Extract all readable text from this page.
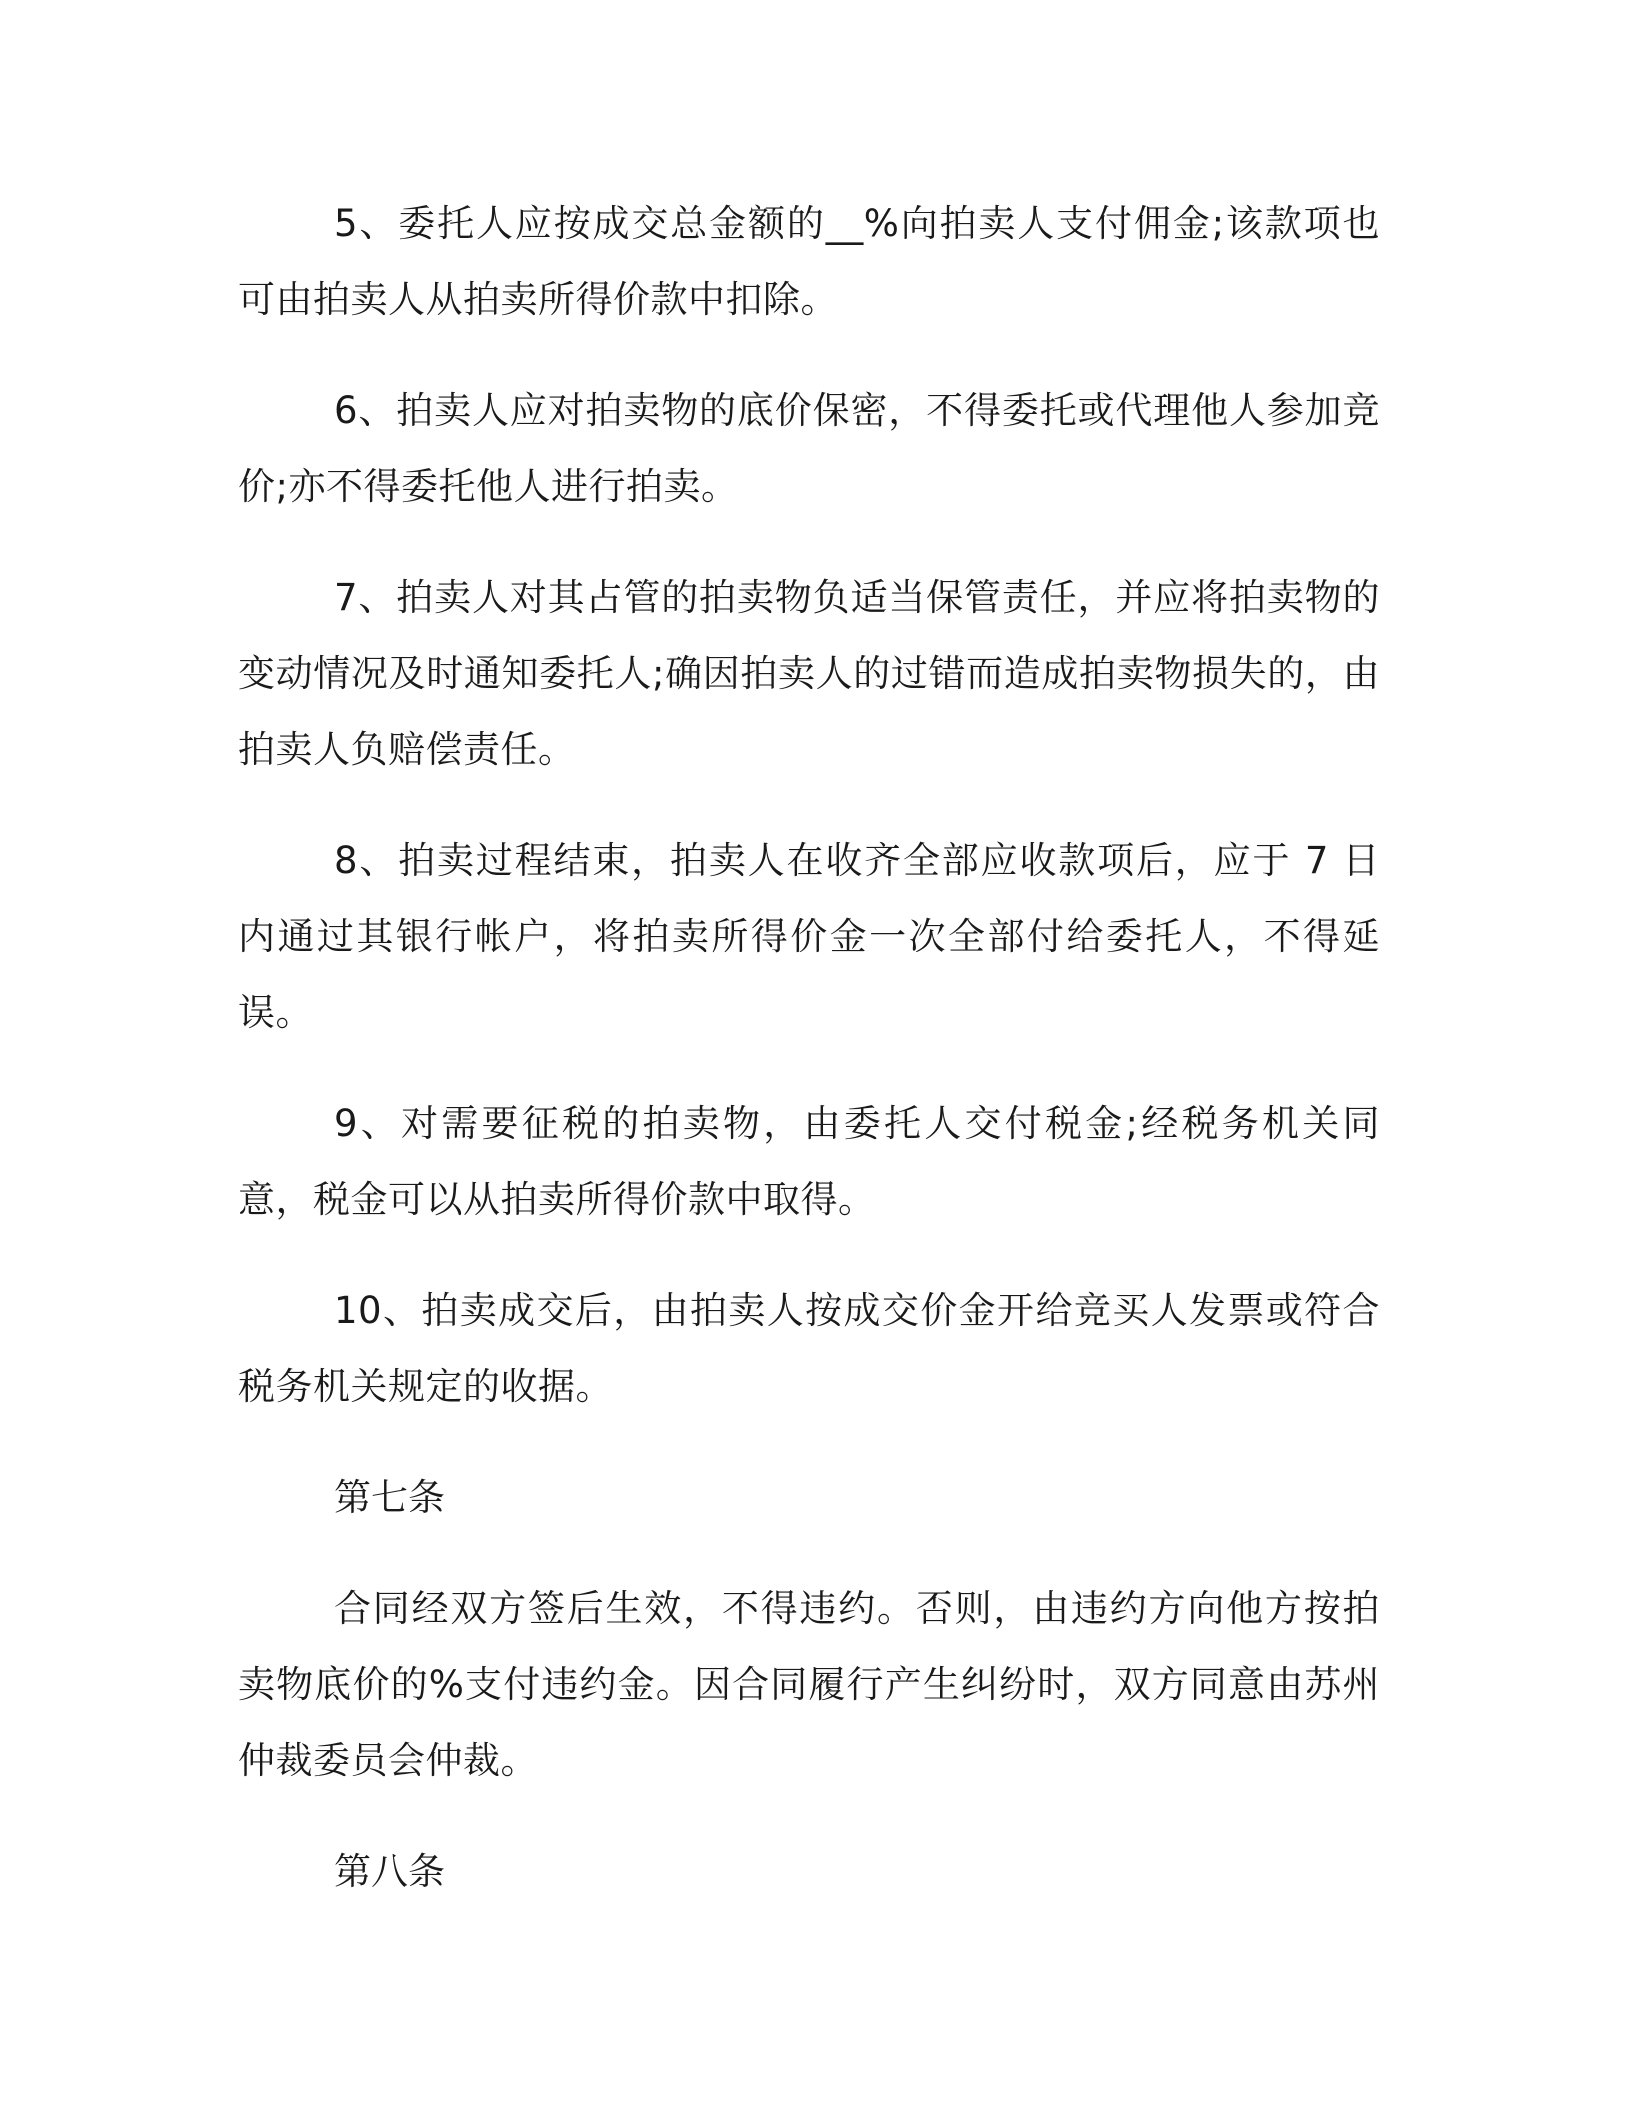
5、委托人应按成交总金额的__%向拍卖人支付佣金;该款项也可由拍卖人从拍卖所得价款中扣除。

6、拍卖人应对拍卖物的底价保密，不得委托或代理他人参加竞价;亦不得委托他人进行拍卖。

7、拍卖人对其占管的拍卖物负适当保管责任，并应将拍卖物的变动情况及时通知委托人;确因拍卖人的过错而造成拍卖物损失的，由拍卖人负赔偿责任。

8、拍卖过程结束，拍卖人在收齐全部应收款项后，应于 7 日内通过其银行帐户，将拍卖所得价金一次全部付给委托人，不得延误。

9、对需要征税的拍卖物，由委托人交付税金;经税务机关同意，税金可以从拍卖所得价款中取得。

10、拍卖成交后，由拍卖人按成交价金开给竞买人发票或符合税务机关规定的收据。

第七条

合同经双方签后生效，不得违约。否则，由违约方向他方按拍卖物底价的%支付违约金。因合同履行产生纠纷时，双方同意由苏州仲裁委员会仲裁。

第八条
